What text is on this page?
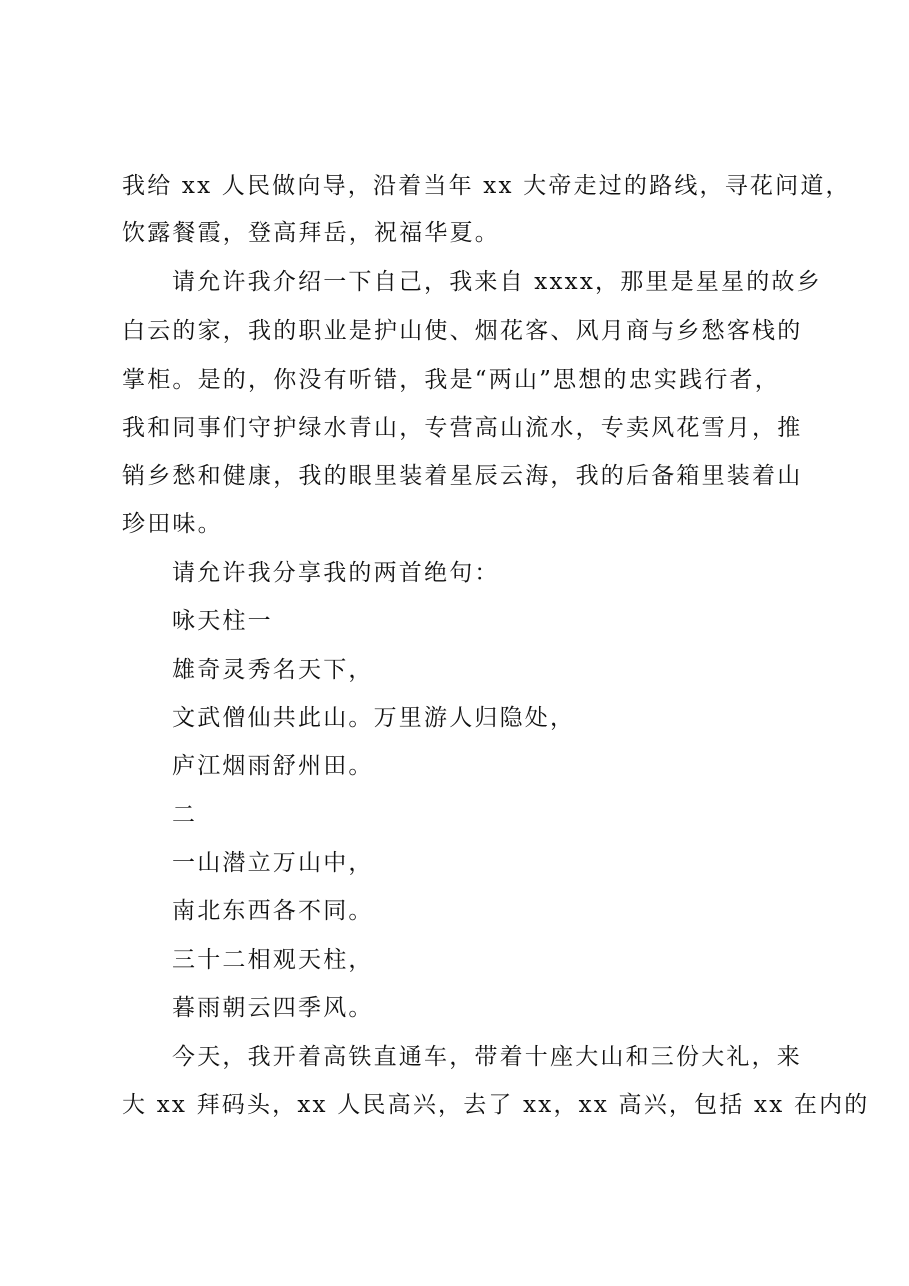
我给 xx 人民做向导，沿着当年 xx 大帝走过的路线，寻花问道，
饮露餐霞，登高拜岳，祝福华夏。
请允许我介绍一下自己，我来自 xxxx，那里是星星的故乡
白云的家，我的职业是护山使、烟花客、风月商与乡愁客栈的
掌柜。是的，你没有听错，我是“两山”思想的忠实践行者，
我和同事们守护绿水青山，专营高山流水，专卖风花雪月，推
销乡愁和健康，我的眼里装着星辰云海，我的后备箱里装着山
珍田味。
请允许我分享我的两首绝句：
咏天柱一
雄奇灵秀名天下，
文武僧仙共此山。万里游人归隐处，
庐江烟雨舒州田。
二
一山潜立万山中，
南北东西各不同。
三十二相观天柱，
暮雨朝云四季风。
今天，我开着高铁直通车，带着十座大山和三份大礼，来
大 xx 拜码头，xx 人民高兴，去了 xx，xx 高兴，包括 xx 在内的
